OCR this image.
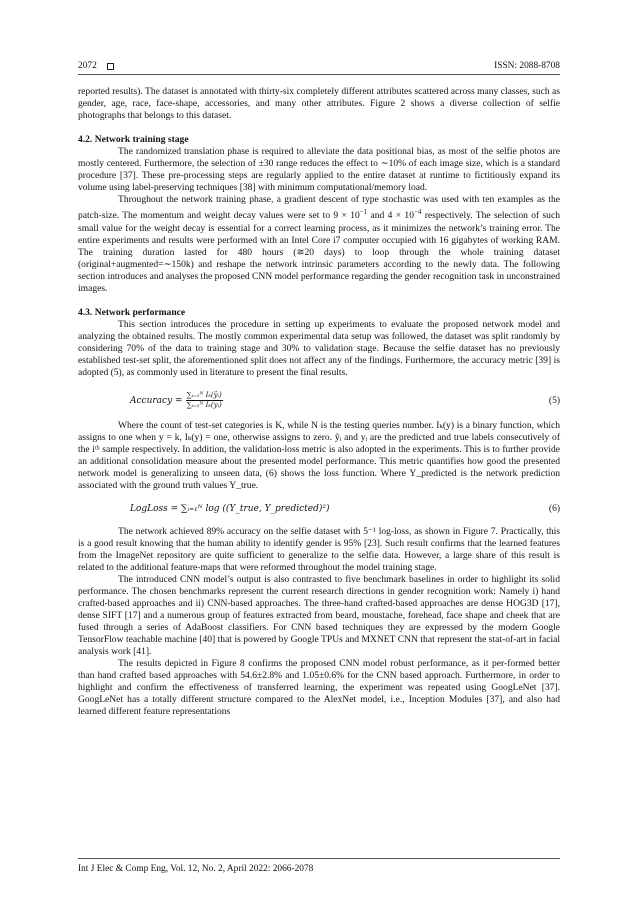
2072	ISSN: 2088-8708

reported results). The dataset is annotated with thirty-six completely different attributes scattered across many classes, such as gender, age, race, face-shape, accessories, and many other attributes. Figure 2 shows a diverse collection of selfie photographs that belongs to this dataset.

4.2. Network training stage

The randomized translation phase is required to alleviate the data positional bias, as most of the selfie photos are mostly centered. Furthermore, the selection of ±30 range reduces the effect to ∼10% of each image size, which is a standard procedure [37]. These pre-processing steps are regularly applied to the entire dataset at runtime to fictitiously expand its volume using label-preserving techniques [38] with minimum computational/memory load.

Throughout the network training phase, a gradient descent of type stochastic was used with ten examples as the patch-size. The momentum and weight decay values were set to $9 \times 10^{-1}$ and $4 \times 10^{-4}$ respectively. The selection of such small value for the weight decay is essential for a correct learning process, as it minimizes the network’s training error. The entire experiments and results were performed with an Intel Core i7 computer occupied with 16 gigabytes of working RAM. The training duration lasted for 480 hours (≅20 days) to loop through the whole training dataset (original+augmented=∼150k) and reshape the network intrinsic parameters according to the newly data. The following section introduces and analyses the proposed CNN model performance regarding the gender recognition task in unconstrained images.

4.3. Network performance

This section introduces the procedure in setting up experiments to evaluate the proposed network model and analyzing the obtained results. The mostly common experimental data setup was followed, the dataset was split randomly by considering 70% of the data to training stage and 30% to validation stage. Because the selfie dataset has no previously established test-set split, the aforementioned split does not affect any of the findings. Furthermore, the accuracy metric [39] is adopted (5), as commonly used in literature to present the final results.

Accuracy = $\frac{\text{∑ᵢ₌₁ᴺ Iₖ(ŷᵢ)}}{\text{∑ᵢ₌₁ᴺ Iₖ(yᵢ)}}$	(5)

Where the count of test-set categories is K, while N is the testing queries number. Iₖ(y) is a binary function, which assigns to one when y = k, Iₖ(y) = one, otherwise assigns to zero. ŷᵢ and yᵢ are the predicted and true labels consecutively of the iᵗʰ sample respectively. In addition, the validation-loss metric is also adopted in the experiments. This is to further provide an additional consolidation measure about the presented model performance. This metric quantifies how good the presented network model is generalizing to unseen data, (6) shows the loss function. Where Y_predicted is the network prediction associated with the ground truth values Y_true.

LogLoss = ∑ᵢ₌₁ᴺ log ((Y_true, Y_predicted)²)	(6)

The network achieved 89% accuracy on the selfie dataset with 5⁻¹ log-loss, as shown in Figure 7. Practically, this is a good result knowing that the human ability to identify gender is 95% [23]. Such result confirms that the learned features from the ImageNet repository are quite sufficient to generalize to the selfie data. However, a large share of this result is related to the additional feature-maps that were reformed throughout the model training stage.

The introduced CNN model’s output is also contrasted to five benchmark baselines in order to highlight its solid performance. The chosen benchmarks represent the current research directions in gender recognition work: Namely i) hand crafted-based approaches and ii) CNN-based approaches. The three-hand crafted-based approaches are dense HOG3D [17], dense SIFT [17] and a numerous group of features extracted from beard, moustache, forehead, face shape and cheek that are fused through a series of AdaBoost classifiers. For CNN based techniques they are expressed by the modern Google TensorFlow teachable machine [40] that is powered by Google TPUs and MXNET CNN that represent the stat-of-art in facial analysis work [41].

The results depicted in Figure 8 confirms the proposed CNN model robust performance, as it per-formed better than hand crafted based approaches with 54.6±2.8% and 1.05±0.6% for the CNN based approach. Furthermore, in order to highlight and confirm the effectiveness of transferred learning, the experiment was repeated using GoogLeNet [37]. GoogLeNet has a totally different structure compared to the AlexNet model, i.e., Inception Modules [37], and also had learned different feature representations

Int J Elec & Comp Eng, Vol. 12, No. 2, April 2022: 2066-2078
